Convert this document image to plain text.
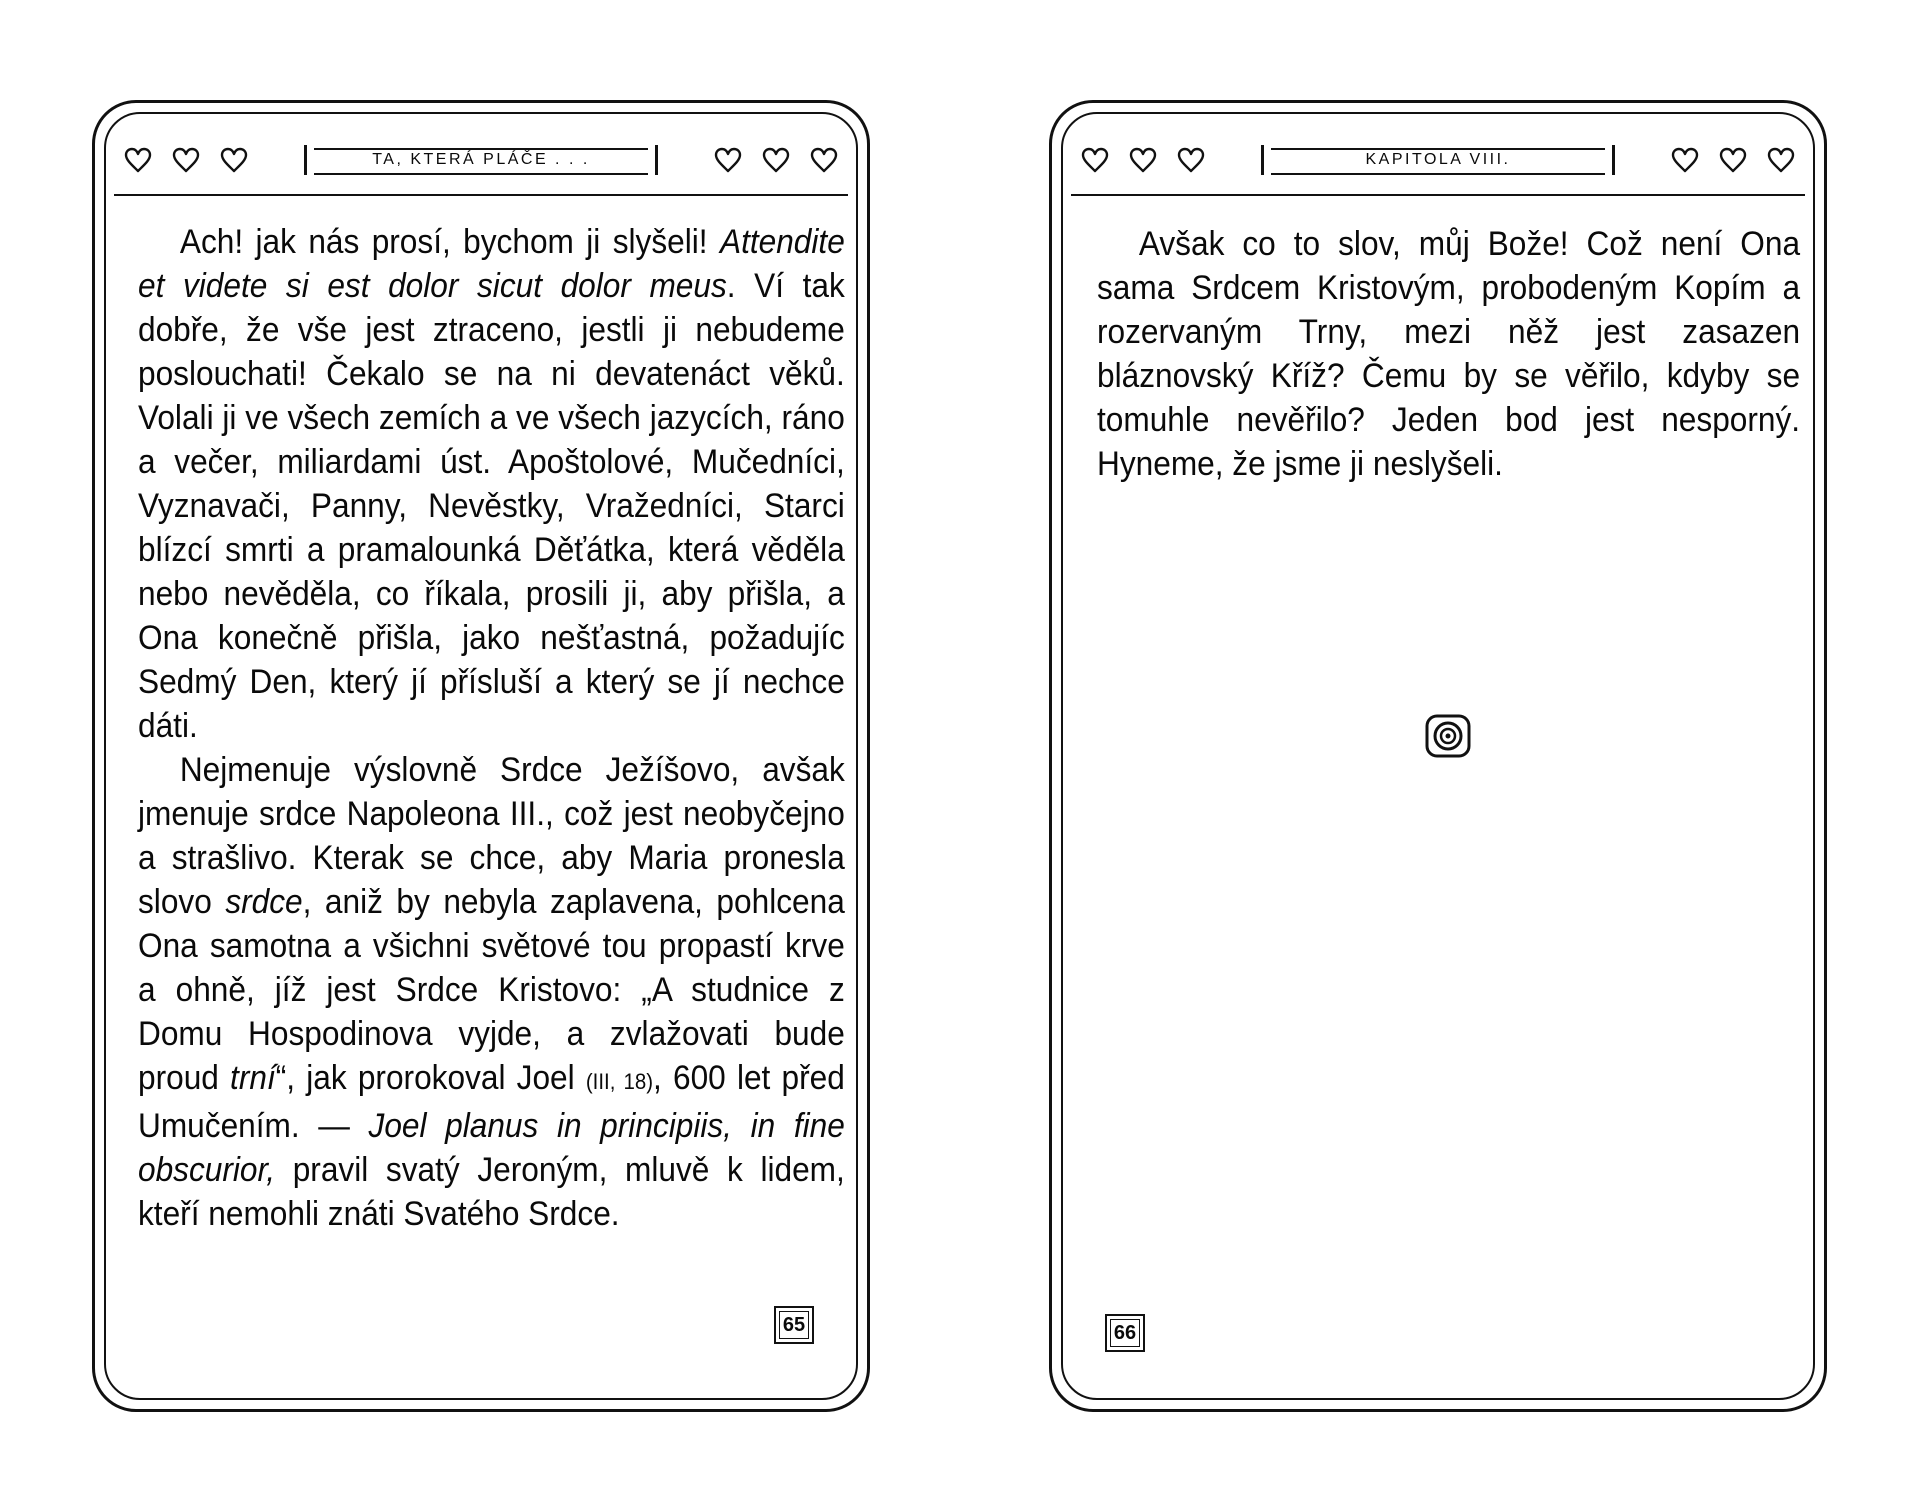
TA, KTERÁ PLÁČE . . .

Ach! jak nás prosí, bychom ji slyšeli! Attendite et videte si est dolor sicut dolor meus. Ví tak dobře, že vše jest ztraceno, jestli ji nebudeme poslouchati! Čekalo se na ni devatenáct věků. Volali ji ve všech zemích a ve všech jazycích, ráno a večer, miliardami úst. Apoštolové, Mučedníci, Vyznavači, Panny, Nevěstky, Vražedníci, Starci blízcí smrti a pramalounká Děťátka, která věděla nebo nevěděla, co říkala, prosili ji, aby přišla, a Ona konečně přišla, jako nešťastná, požadujíc Sedmý Den, který jí přísluší a který se jí nechce dáti.

Nejmenuje výslovně Srdce Ježíšovo, avšak jmenuje srdce Napoleona III., což jest neobyčejno a strašlivo. Kterak se chce, aby Maria pronesla slovo srdce, aniž by nebyla zaplavena, pohlcena Ona samotna a všichni světové tou propastí krve a ohně, jíž jest Srdce Kristovo: „A studnice z Domu Hospodinova vyjde, a zvlažovati bude proud trní“, jak prorokoval Joel (III, 18), 600 let před Umučením. — Joel planus in principiis, in fine obscurior, pravil svatý Jeroným, mluvě k lidem, kteří nemohli znáti Svatého Srdce.

65
KAPITOLA VIII.

Avšak co to slov, můj Bože! Což není Ona sama Srdcem Kristovým, probodeným Kopím a rozervaným Trny, mezi něž jest zasazen bláznovský Kříž? Čemu by se věřilo, kdyby se tomuhle nevěřilo? Jeden bod jest nesporný. Hyneme, že jsme ji neslyšeli.

66
